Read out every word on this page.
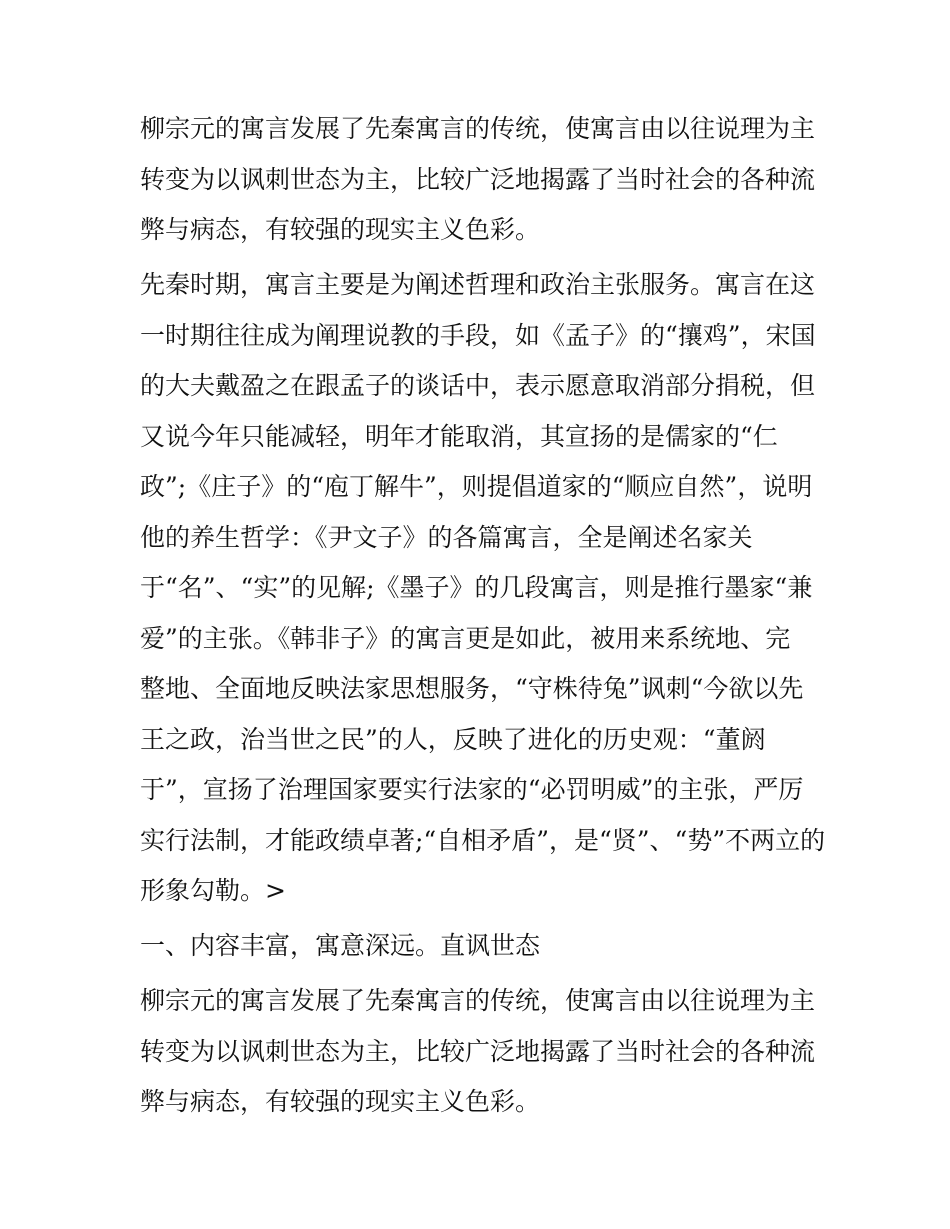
柳宗元的寓言发展了先秦寓言的传统，使寓言由以往说理为主
转变为以讽刺世态为主，比较广泛地揭露了当时社会的各种流
弊与病态，有较强的现实主义色彩。
先秦时期，寓言主要是为阐述哲理和政治主张服务。寓言在这
一时期往往成为阐理说教的手段，如《孟子》的“攘鸡”，宋国
的大夫戴盈之在跟孟子的谈话中，表示愿意取消部分捐税，但
又说今年只能减轻，明年才能取消，其宣扬的是儒家的“仁
政”;《庄子》的“庖丁解牛”，则提倡道家的“顺应自然”，说明
他的养生哲学：《尹文子》的各篇寓言，全是阐述名家关
于“名”、“实”的见解;《墨子》的几段寓言，则是推行墨家“兼
爱”的主张。《韩非子》的寓言更是如此，被用来系统地、完
整地、全面地反映法家思想服务，“守株待兔”讽刺“今欲以先
王之政，治当世之民”的人，反映了进化的历史观：“董阏
于”，宣扬了治理国家要实行法家的“必罚明威”的主张，严厉
实行法制，才能政绩卓著;“自相矛盾”，是“贤”、“势”不两立的
形象勾勒。>
一、内容丰富，寓意深远。直讽世态
柳宗元的寓言发展了先秦寓言的传统，使寓言由以往说理为主
转变为以讽刺世态为主，比较广泛地揭露了当时社会的各种流
弊与病态，有较强的现实主义色彩。
